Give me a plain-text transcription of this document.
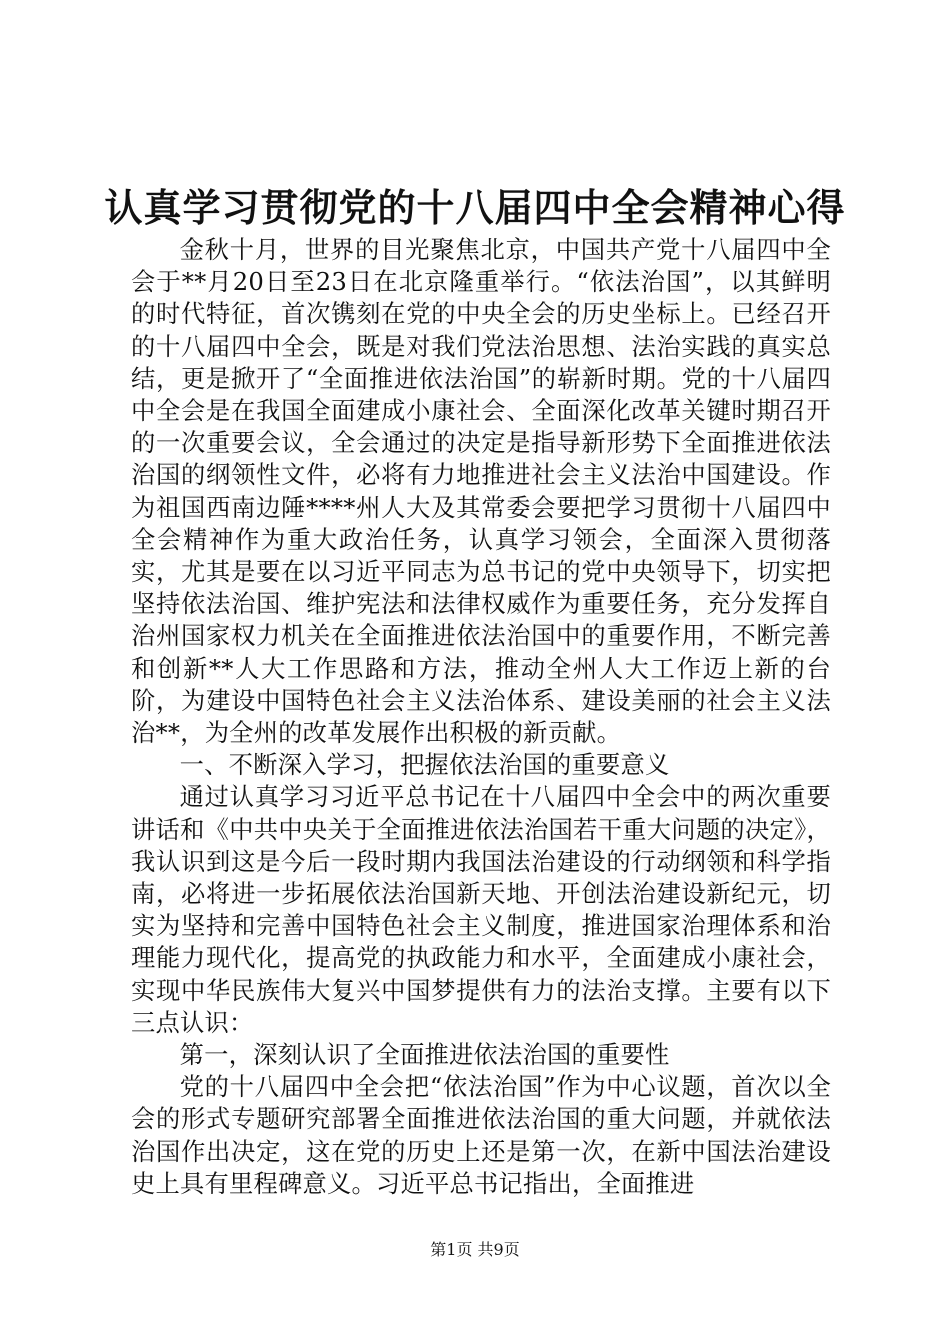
认真学习贯彻党的十八届四中全会精神心得

金秋十月，世界的目光聚焦北京，中国共产党十八届四中全会于**月20日至23日在北京隆重举行。“依法治国”，以其鲜明的时代特征，首次镌刻在党的中央全会的历史坐标上。已经召开的十八届四中全会，既是对我们党法治思想、法治实践的真实总结，更是掀开了“全面推进依法治国”的崭新时期。党的十八届四中全会是在我国全面建成小康社会、全面深化改革关键时期召开的一次重要会议，全会通过的决定是指导新形势下全面推进依法治国的纲领性文件，必将有力地推进社会主义法治中国建设。作为祖国西南边陲****州人大及其常委会要把学习贯彻十八届四中全会精神作为重大政治任务，认真学习领会，全面深入贯彻落实，尤其是要在以习近平同志为总书记的党中央领导下，切实把坚持依法治国、维护宪法和法律权威作为重要任务，充分发挥自治州国家权力机关在全面推进依法治国中的重要作用，不断完善和创新**人大工作思路和方法，推动全州人大工作迈上新的台阶，为建设中国特色社会主义法治体系、建设美丽的社会主义法治**，为全州的改革发展作出积极的新贡献。

一、不断深入学习，把握依法治国的重要意义

通过认真学习习近平总书记在十八届四中全会中的两次重要讲话和《中共中央关于全面推进依法治国若干重大问题的决定》，我认识到这是今后一段时期内我国法治建设的行动纲领和科学指南，必将进一步拓展依法治国新天地、开创法治建设新纪元，切实为坚持和完善中国特色社会主义制度，推进国家治理体系和治理能力现代化，提高党的执政能力和水平，全面建成小康社会，实现中华民族伟大复兴中国梦提供有力的法治支撑。主要有以下三点认识：

第一，深刻认识了全面推进依法治国的重要性

党的十八届四中全会把“依法治国”作为中心议题，首次以全会的形式专题研究部署全面推进依法治国的重大问题，并就依法治国作出决定，这在党的历史上还是第一次，在新中国法治建设史上具有里程碑意义。习近平总书记指出，全面推进

第1页 共9页
